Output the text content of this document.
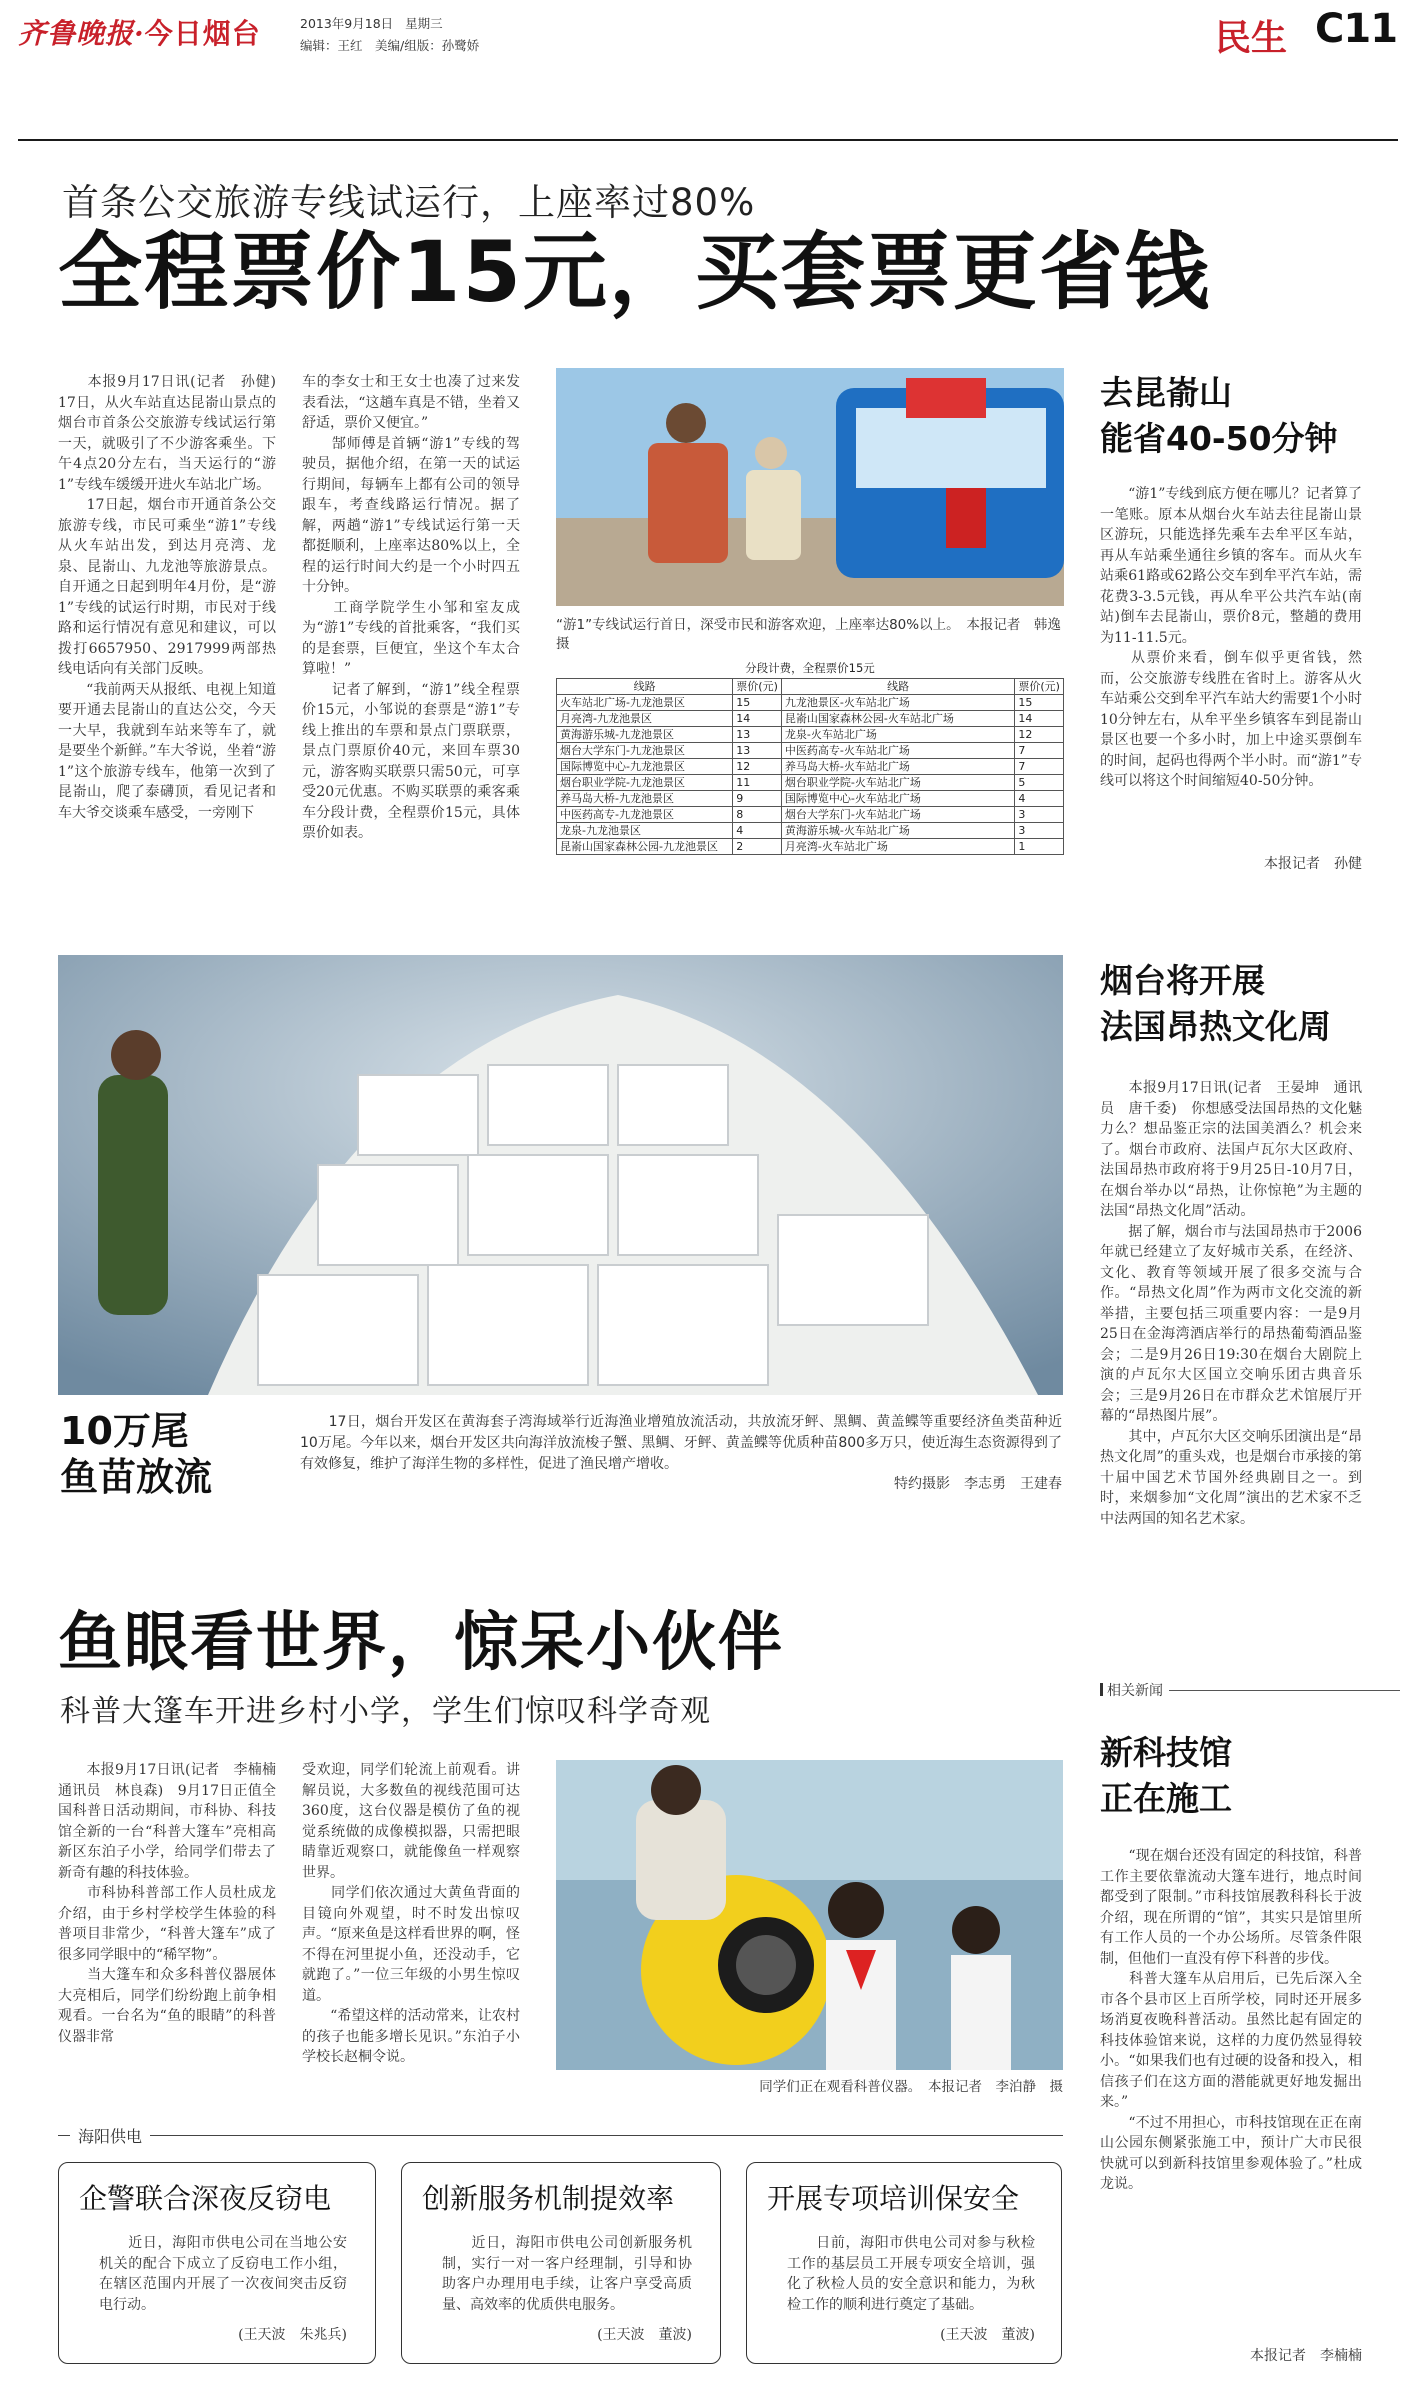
齐鲁晚报·今日烟台	2013年9月18日 星期三
编辑：王红　美编/组版：孙鹭娇	民生 C11
首条公交旅游专线试运行，上座率过80%
全程票价15元，买套票更省钱
　　本报9月17日讯(记者　孙健)　17日，从火车站直达昆嵛山景点的烟台市首条公交旅游专线试运行第一天，就吸引了不少游客乘坐。下午4点20分左右，当天运行的“游1”专线车缓缓开进火车站北广场。
　　17日起，烟台市开通首条公交旅游专线，市民可乘坐“游1”专线从火车站出发，到达月亮湾、龙泉、昆嵛山、九龙池等旅游景点。自开通之日起到明年4月份，是“游1”专线的试运行时期，市民对于线路和运行情况有意见和建议，可以拨打6657950、2917999两部热线电话向有关部门反映。
　　“我前两天从报纸、电视上知道要开通去昆嵛山的直达公交，今天一大早，我就到车站来等车了，就是要坐个新鲜。”车大爷说，坐着“游1”这个旅游专线车，他第一次到了昆嵛山，爬了泰礴顶，看见记者和车大爷交谈乘车感受，一旁刚下
车的李女士和王女士也凑了过来发表看法，“这趟车真是不错，坐着又舒适，票价又便宜。”
　　郜师傅是首辆“游1”专线的驾驶员，据他介绍，在第一天的试运行期间，每辆车上都有公司的领导跟车，考查线路运行情况。据了解，两趟“游1”专线试运行第一天都挺顺利，上座率达80%以上，全程的运行时间大约是一个小时四五十分钟。
　　工商学院学生小邹和室友成为“游1”专线的首批乘客，“我们买的是套票，巨便宜，坐这个车太合算啦！”
　　记者了解到，“游1”线全程票价15元，小邹说的套票是“游1”专线上推出的车票和景点门票联票，景点门票原价40元，来回车票30元，游客购买联票只需50元，可享受20元优惠。不购买联票的乘客乘车分段计费，全程票价15元，具体票价如表。
“游1”专线试运行首日，深受市民和游客欢迎，上座率达80%以上。　本报记者　韩逸　摄
分段计费，全程票价15元
线路	票价(元)	线路	票价(元)
火车站北广场-九龙池景区	15	九龙池景区-火车站北广场	15
月亮湾-九龙池景区	14	昆嵛山国家森林公园-火车站北广场	14
黄海游乐城-九龙池景区	13	龙泉-火车站北广场	12
烟台大学东门-九龙池景区	13	中医药高专-火车站北广场	7
国际博览中心-九龙池景区	12	养马岛大桥-火车站北广场	7
烟台职业学院-九龙池景区	11	烟台职业学院-火车站北广场	5
养马岛大桥-九龙池景区	9	国际博览中心-火车站北广场	4
中医药高专-九龙池景区	8	烟台大学东门-火车站北广场	3
龙泉-九龙池景区	4	黄海游乐城-火车站北广场	3
昆嵛山国家森林公园-九龙池景区	2	月亮湾-火车站北广场	1
去昆嵛山
能省40-50分钟
　　“游1”专线到底方便在哪儿？记者算了一笔账。原本从烟台火车站去往昆嵛山景区游玩，只能选择先乘车去牟平区车站，再从车站乘坐通往乡镇的客车。而从火车站乘61路或62路公交车到牟平汽车站，需花费3-3.5元钱，再从牟平公共汽车站(南站)倒车去昆嵛山，票价8元，整趟的费用为11-11.5元。
　　从票价来看，倒车似乎更省钱，然而，公交旅游专线胜在省时上。游客从火车站乘公交到牟平汽车站大约需要1个小时10分钟左右，从牟平坐乡镇客车到昆嵛山景区也要一个多小时，加上中途买票倒车的时间，起码也得两个半小时。而“游1”专线可以将这个时间缩短40-50分钟。
本报记者　孙健
10万尾
鱼苗放流
　　17日，烟台开发区在黄海套子湾海域举行近海渔业增殖放流活动，共放流牙鲆、黑鲷、黄盖鲽等重要经济鱼类苗种近10万尾。今年以来，烟台开发区共向海洋放流梭子蟹、黑鲷、牙鲆、黄盖鲽等优质种苗800多万只，使近海生态资源得到了有效修复，维护了海洋生物的多样性，促进了渔民增产增收。
特约摄影　李志勇　王建春
烟台将开展
法国昂热文化周
　　本报9月17日讯(记者　王晏坤　通讯员　唐千委)　你想感受法国昂热的文化魅力么？想品鉴正宗的法国美酒么？机会来了。烟台市政府、法国卢瓦尔大区政府、法国昂热市政府将于9月25日-10月7日，在烟台举办以“昂热，让你惊艳”为主题的法国“昂热文化周”活动。
　　据了解，烟台市与法国昂热市于2006年就已经建立了友好城市关系，在经济、文化、教育等领域开展了很多交流与合作。“昂热文化周”作为两市文化交流的新举措，主要包括三项重要内容：一是9月25日在金海湾酒店举行的昂热葡萄酒品鉴会；二是9月26日19:30在烟台大剧院上演的卢瓦尔大区国立交响乐团古典音乐会；三是9月26日在市群众艺术馆展厅开幕的“昂热图片展”。
　　其中，卢瓦尔大区交响乐团演出是“昂热文化周”的重头戏，也是烟台市承接的第十届中国艺术节国外经典剧目之一。到时，来烟参加“文化周”演出的艺术家不乏中法两国的知名艺术家。
鱼眼看世界，惊呆小伙伴
科普大篷车开进乡村小学，学生们惊叹科学奇观
　　本报9月17日讯(记者　李楠楠　通讯员　林良森)　9月17日正值全国科普日活动期间，市科协、科技馆全新的一台“科普大篷车”亮相高新区东泊子小学，给同学们带去了新奇有趣的科技体验。
　　市科协科普部工作人员杜成龙介绍，由于乡村学校学生体验的科普项目非常少，“科普大篷车”成了很多同学眼中的“稀罕物”。
　　当大篷车和众多科普仪器展体大亮相后，同学们纷纷跑上前争相观看。一台名为“鱼的眼睛”的科普仪器非常
受欢迎，同学们轮流上前观看。讲解员说，大多数鱼的视线范围可达360度，这台仪器是模仿了鱼的视觉系统做的成像模拟器，只需把眼睛靠近观察口，就能像鱼一样观察世界。
　　同学们依次通过大黄鱼背面的目镜向外观望，时不时发出惊叹声。“原来鱼是这样看世界的啊，怪不得在河里捉小鱼，还没动手，它就跑了。”一位三年级的小男生惊叹道。
　　“希望这样的活动常来，让农村的孩子也能多增长见识。”东泊子小学校长赵桐令说。
同学们正在观看科普仪器。　本报记者　李泊静　摄
相关新闻
新科技馆
正在施工
　　“现在烟台还没有固定的科技馆，科普工作主要依靠流动大篷车进行，地点时间都受到了限制。”市科技馆展教科科长于波介绍，现在所谓的“馆”，其实只是馆里所有工作人员的一个办公场所。尽管条件限制，但他们一直没有停下科普的步伐。
　　科普大篷车从启用后，已先后深入全市各个县市区上百所学校，同时还开展多场消夏夜晚科普活动。虽然比起有固定的科技体验馆来说，这样的力度仍然显得较小。“如果我们也有过硬的设备和投入，相信孩子们在这方面的潜能就更好地发掘出来。”
　　“不过不用担心，市科技馆现在正在南山公园东侧紧张施工中，预计广大市民很快就可以到新科技馆里参观体验了。”杜成龙说。
本报记者　李楠楠
海阳供电
企警联合深夜反窃电
　　近日，海阳市供电公司在当地公安机关的配合下成立了反窃电工作小组，在辖区范围内开展了一次夜间突击反窃电行动。
(王天波　朱兆兵)
创新服务机制提效率
　　近日，海阳市供电公司创新服务机制，实行一对一客户经理制，引导和协助客户办理用电手续，让客户享受高质量、高效率的优质供电服务。
(王天波　董波)
开展专项培训保安全
　　日前，海阳市供电公司对参与秋检工作的基层员工开展专项安全培训，强化了秋检人员的安全意识和能力，为秋检工作的顺利进行奠定了基础。
(王天波　董波)
